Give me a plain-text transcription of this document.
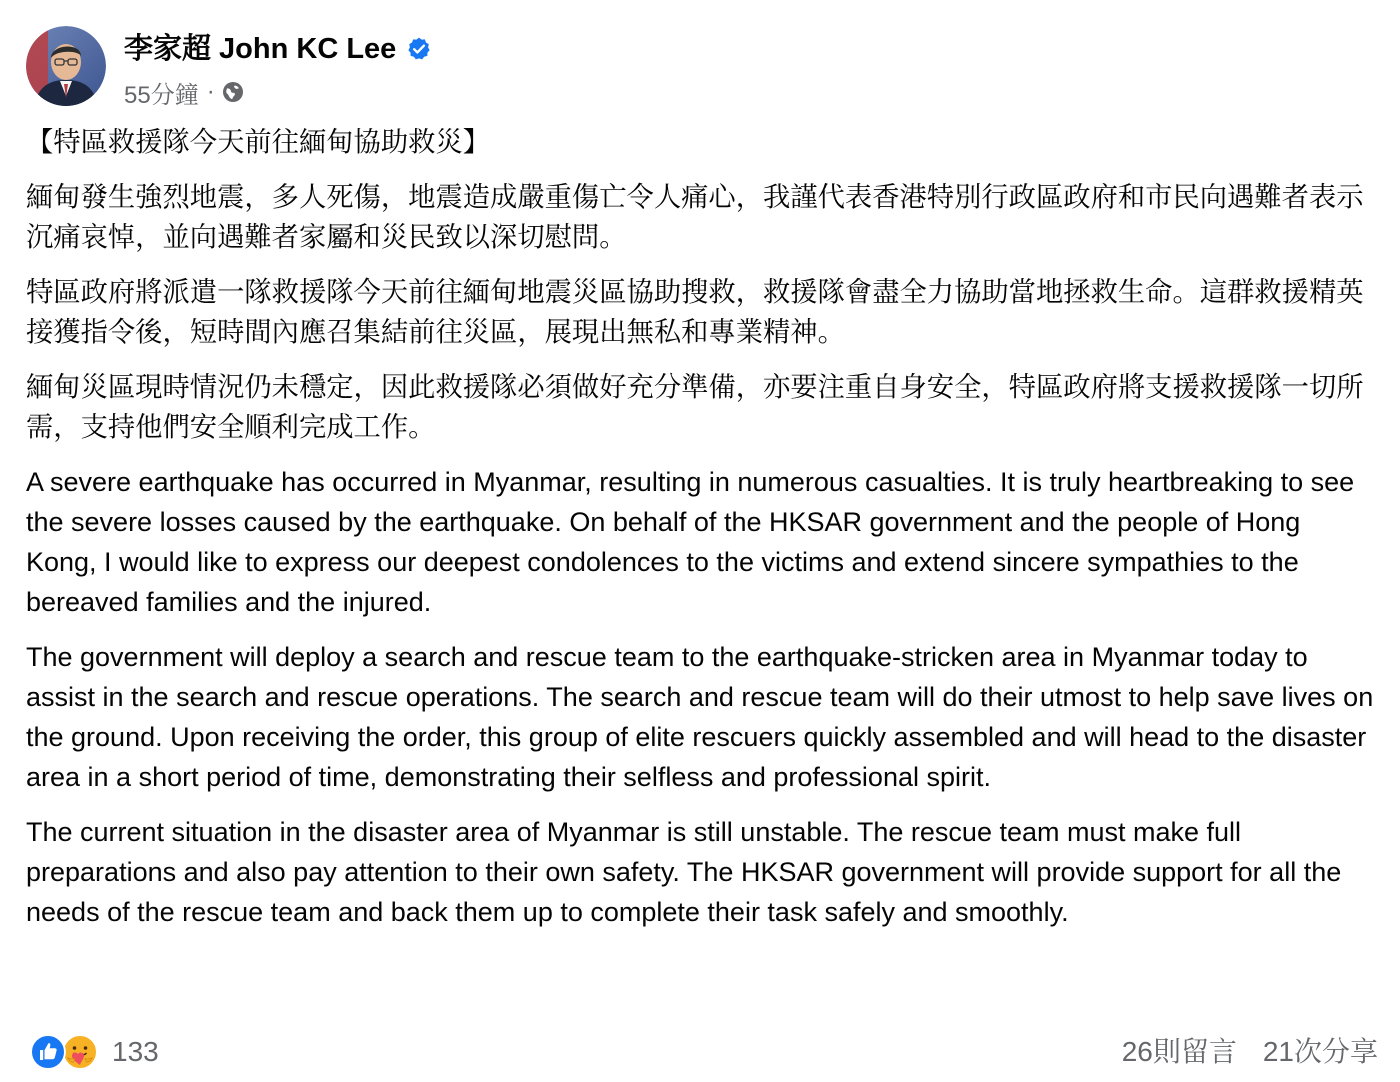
李家超 John KC Lee
55分鐘 ·

【特區救援隊今天前往緬甸協助救災】

緬甸發生強烈地震，多人死傷，地震造成嚴重傷亡令人痛心，我謹代表香港特別行政區政府和市民向遇難者表示沉痛哀悼，並向遇難者家屬和災民致以深切慰問。

特區政府將派遣一隊救援隊今天前往緬甸地震災區協助搜救，救援隊會盡全力協助當地拯救生命。這群救援精英接獲指令後，短時間內應召集結前往災區，展現出無私和專業精神。

緬甸災區現時情況仍未穩定，因此救援隊必須做好充分準備，亦要注重自身安全，特區政府將支援救援隊一切所需，支持他們安全順利完成工作。

A severe earthquake has occurred in Myanmar, resulting in numerous casualties. It is truly heartbreaking to see the severe losses caused by the earthquake. On behalf of the HKSAR government and the people of Hong Kong, I would like to express our deepest condolences to the victims and extend sincere sympathies to the bereaved families and the injured.

The government will deploy a search and rescue team to the earthquake-stricken area in Myanmar today to assist in the search and rescue operations. The search and rescue team will do their utmost to help save lives on the ground. Upon receiving the order, this group of elite rescuers quickly assembled and will head to the disaster area in a short period of time, demonstrating their selfless and professional spirit.

The current situation in the disaster area of Myanmar is still unstable. The rescue team must make full preparations and also pay attention to their own safety. The HKSAR government will provide support for all the needs of the rescue team and back them up to complete their task safely and smoothly.

133	26則留言 21次分享
